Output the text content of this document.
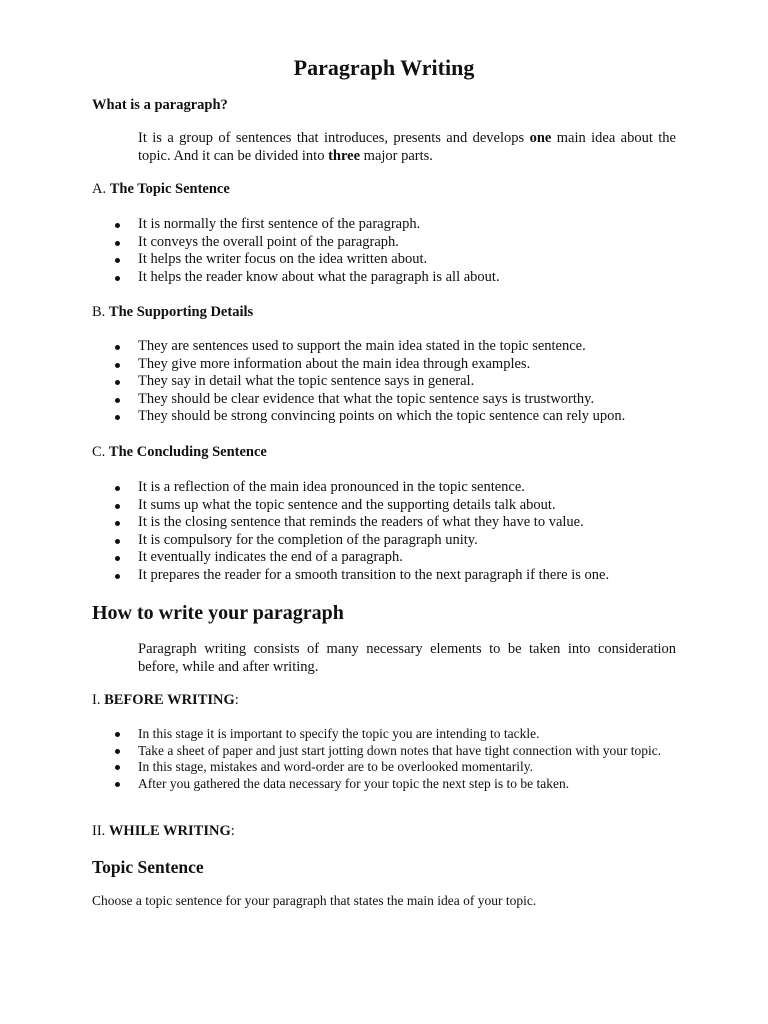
Paragraph Writing
What is a paragraph?
It is a group of sentences that introduces, presents and develops one main idea about the topic. And it can be divided into three major parts.
A. The Topic Sentence
It is normally the first sentence of the paragraph.
It conveys the overall point of the paragraph.
It helps the writer focus on the idea written about.
It helps the reader know about what the paragraph is all about.
B. The Supporting Details
They are sentences used to support the main idea stated in the topic sentence.
They give more information about the main idea through examples.
They say in detail what the topic sentence says in general.
They should be clear evidence that what the topic sentence says is trustworthy.
They should be strong convincing points on which the topic sentence can rely upon.
C. The Concluding Sentence
It is a reflection of the main idea pronounced in the topic sentence.
It sums up what the topic sentence and the supporting details talk about.
It is the closing sentence that reminds the readers of what they have to value.
It is compulsory for the completion of the paragraph unity.
It eventually indicates the end of a paragraph.
It prepares the reader for a smooth transition to the next paragraph if there is one.
How to write your paragraph
Paragraph writing consists of many necessary elements to be taken into consideration before, while and after writing.
I. BEFORE WRITING:
In this stage it is important to specify the topic you are intending to tackle.
Take a sheet of paper and just start jotting down notes that have tight connection with your topic.
In this stage, mistakes and word-order are to be overlooked momentarily.
After you gathered the data necessary for your topic the next step is to be taken.
II. WHILE WRITING:
Topic Sentence
Choose a topic sentence for your paragraph that states the main idea of your topic.
